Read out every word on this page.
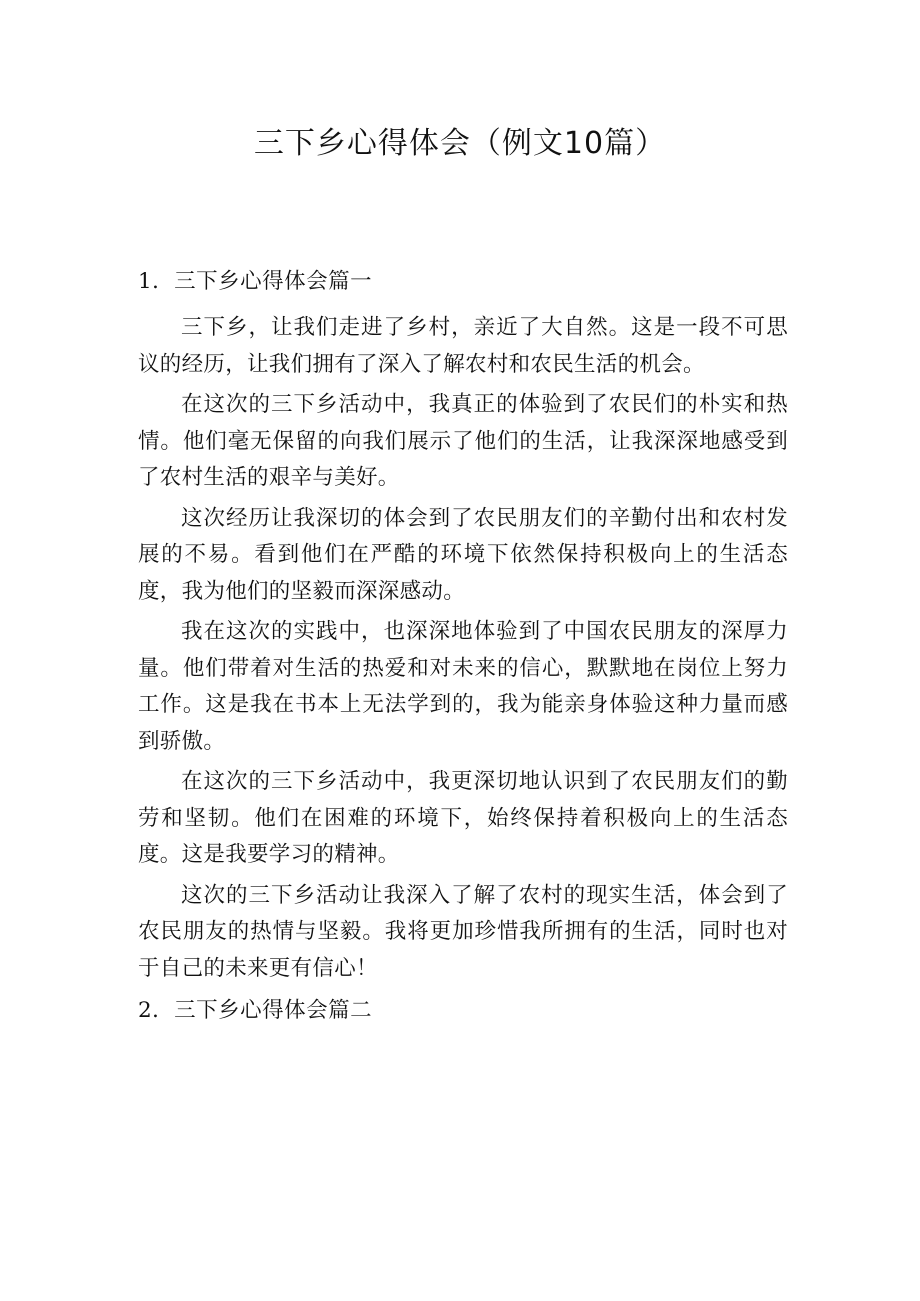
三下乡心得体会（例文10篇）
1．三下乡心得体会篇一

三下乡，让我们走进了乡村，亲近了大自然。这是一段不可思议的经历，让我们拥有了深入了解农村和农民生活的机会。

在这次的三下乡活动中，我真正的体验到了农民们的朴实和热情。他们毫无保留的向我们展示了他们的生活，让我深深地感受到了农村生活的艰辛与美好。

这次经历让我深切的体会到了农民朋友们的辛勤付出和农村发展的不易。看到他们在严酷的环境下依然保持积极向上的生活态度，我为他们的坚毅而深深感动。

我在这次的实践中，也深深地体验到了中国农民朋友的深厚力量。他们带着对生活的热爱和对未来的信心，默默地在岗位上努力工作。这是我在书本上无法学到的，我为能亲身体验这种力量而感到骄傲。

在这次的三下乡活动中，我更深切地认识到了农民朋友们的勤劳和坚韧。他们在困难的环境下，始终保持着积极向上的生活态度。这是我要学习的精神。

这次的三下乡活动让我深入了解了农村的现实生活，体会到了农民朋友的热情与坚毅。我将更加珍惜我所拥有的生活，同时也对于自己的未来更有信心！

2．三下乡心得体会篇二
